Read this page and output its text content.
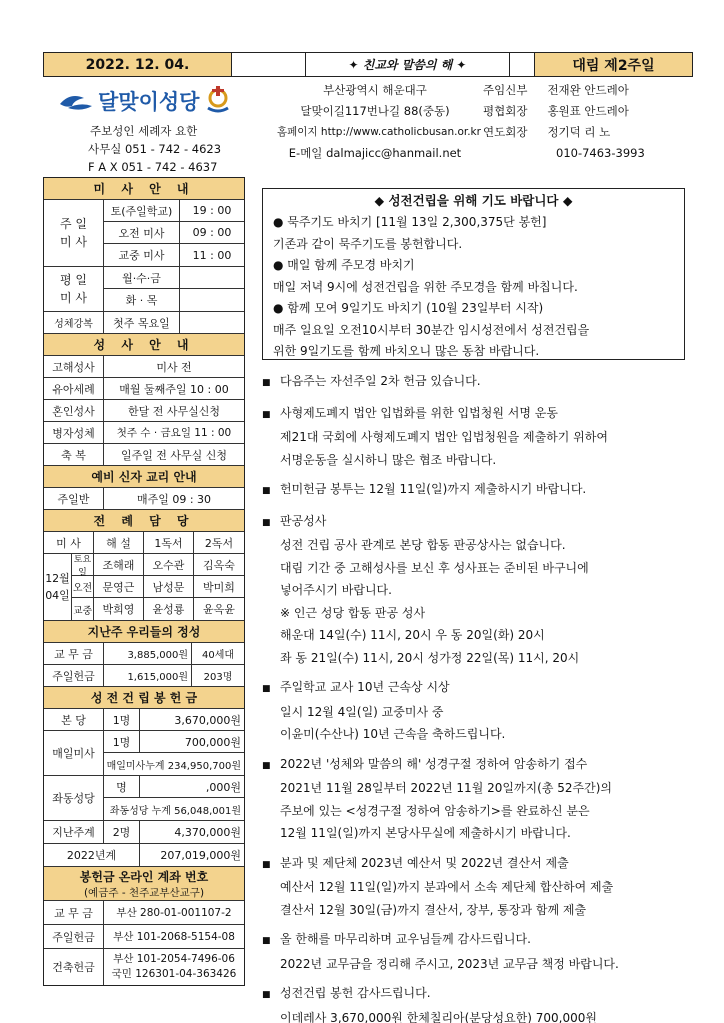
2022. 12. 04.	✦ 친교와 말씀의 해 ✦	대림 제2주일
달맞이성당
주보성인 세례자 요한
사무실 051 - 742 - 4623
F A X 051 - 742 - 4637
부산광역시 해운대구
달맞이길117번나길 88(중동)
홈페이지 http://www.catholicbusan.or.kr
E-메일 dalmajicc@hanmail.net
주임신부 전재완 안드레아
평협회장 홍원표 안드레아
연도회장 정기덕 리 노
010-7463-3993
미 사 안 내
주 일
미 사
토(주일학교)	19 : 00
오전 미사	09 : 00
교중 미사	11 : 00
평 일
미 사
월·수·금
화 · 목
성체강복	첫주 목요일
성 사 안 내
고해성사	미사 전
유아세례	매월 둘째주일 10 : 00
혼인성사	한달 전 사무실신청
병자성체	첫주 수 · 금요일 11 : 00
축 복	일주일 전 사무실 신청
예비 신자 교리 안내
주일반	매주일 09 : 30
전 례 담 당
미 사	해 설	1독서	2독서
12월
04일
토요일
조해래	오수관	김옥숙
오전 문영근	남성문	박미희
교중 박희영	윤성룡	윤옥윤
지난주 우리들의 정성
교 무 금	3,885,000원	40세대
주일헌금	1,615,000원	203명
성 전 건 립 봉 헌 금
본 당	1명	3,670,000원
매일미사
1명	700,000원
매일미사누계 234,950,700원
좌동성당
명	,000원
좌동성당 누계 56,048,001원
지난주계	2명	4,370,000원
2022년계	207,019,000원
봉헌금 온라인 계좌 번호
(예금주 - 천주교부산교구)
교 무 금	부산 280-01-001107-2
주일헌금	부산 101-2068-5154-08
건축헌금
부산 101-2054-7496-06
국민 126301-04-363426
◆ 성전건립을 위해 기도 바랍니다 ◆

● 묵주기도 바치기 [11월 13일 2,300,375단 봉헌]

기존과 같이 묵주기도를 봉헌합니다.

● 매일 함께 주모경 바치기

매일 저녁 9시에 성전건립을 위한 주모경을 함께 바칩니다.

● 함께 모여 9일기도 바치기 (10월 23일부터 시작)

매주 일요일 오전10시부터 30분간 임시성전에서 성전건립을

위한 9일기도를 함께 바치오니 많은 동참 바랍니다.

■ 다음주는 자선주일 2차 헌금 있습니다.
■ 사형제도폐지 법안 입법화를 위한 입법청원 서명 운동
제21대 국회에 사형제도폐지 법안 입법청원을 제출하기 위하여
서명운동을 실시하니 많은 협조 바랍니다.
■ 헌미헌금 봉투는 12월 11일(일)까지 제출하시기 바랍니다.
■ 판공성사
성전 건립 공사 관계로 본당 합동 판공상사는 없습니다.
대림 기간 중 고해성사를 보신 후 성사표는 준비된 바구니에
넣어주시기 바랍니다.
※ 인근 성당 합동 판공 성사
해운대 14일(수) 11시, 20시 우 동 20일(화) 20시
좌 동 21일(수) 11시, 20시 성가정 22일(목) 11시, 20시
■ 주일학교 교사 10년 근속상 시상
일시 12월 4일(일) 교중미사 중
이윤미(수산나) 10년 근속을 축하드립니다.
■ 2022년 '성체와 말씀의 해' 성경구절 정하여 암송하기 접수
2021년 11월 28일부터 2022년 11월 20일까지(총 52주간)의
주보에 있는 <성경구절 정하여 암송하기>를 완료하신 분은
12월 11일(일)까지 본당사무실에 제출하시기 바랍니다.
■ 분과 및 제단체 2023년 예산서 및 2022년 결산서 제출
예산서 12월 11일(일)까지 분과에서 소속 제단체 합산하여 제출
결산서 12월 30일(금)까지 결산서, 장부, 통장과 함께 제출
■ 올 한해를 마무리하며 교우님들께 감사드립니다.
2022년 교무금을 정리해 주시고, 2023년 교무금 책정 바랍니다.
■ 성전건립 봉헌 감사드립니다.
이데레사 3,670,000원 한체칠리아(분당성요한) 700,000원
